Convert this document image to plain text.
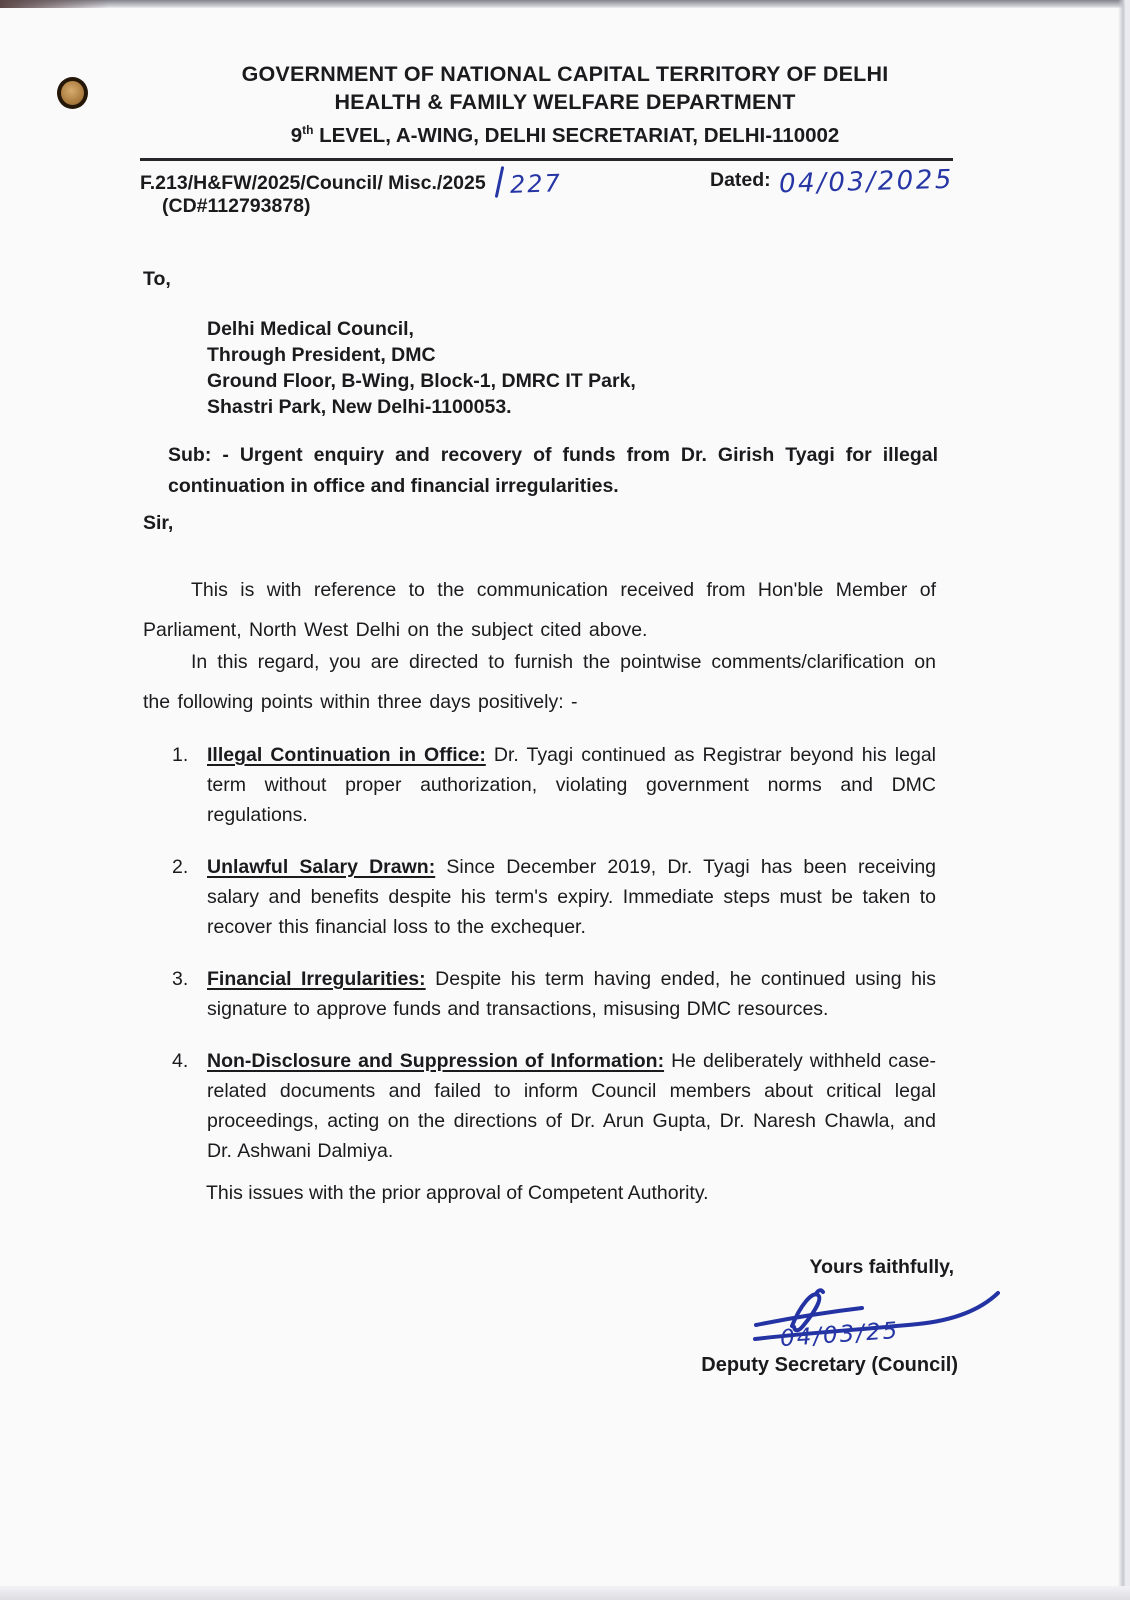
GOVERNMENT OF NATIONAL CAPITAL TERRITORY OF DELHI
HEALTH & FAMILY WELFARE DEPARTMENT
9th LEVEL, A-WING, DELHI SECRETARIAT, DELHI-110002
F.213/H&FW/2025/Council/ Misc./2025 227	Dated: 04/03/2025
(CD#112793878)
To,
Delhi Medical Council,
Through President, DMC
Ground Floor, B-Wing, Block-1, DMRC IT Park,
Shastri Park, New Delhi-1100053.
Sub: - Urgent enquiry and recovery of funds from Dr. Girish Tyagi for illegal continuation in office and financial irregularities.
Sir,

This is with reference to the communication received from Hon'ble Member of Parliament, North West Delhi on the subject cited above.

In this regard, you are directed to furnish the pointwise comments/clarification on the following points within three days positively: -

1. Illegal Continuation in Office: Dr. Tyagi continued as Registrar beyond his legal term without proper authorization, violating government norms and DMC regulations.

2. Unlawful Salary Drawn: Since December 2019, Dr. Tyagi has been receiving salary and benefits despite his term's expiry. Immediate steps must be taken to recover this financial loss to the exchequer.

3. Financial Irregularities: Despite his term having ended, he continued using his signature to approve funds and transactions, misusing DMC resources.

4. Non-Disclosure and Suppression of Information: He deliberately withheld case-related documents and failed to inform Council members about critical legal proceedings, acting on the directions of Dr. Arun Gupta, Dr. Naresh Chawla, and Dr. Ashwani Dalmiya.

This issues with the prior approval of Competent Authority.
Yours faithfully,
04/03/25
Deputy Secretary (Council)
